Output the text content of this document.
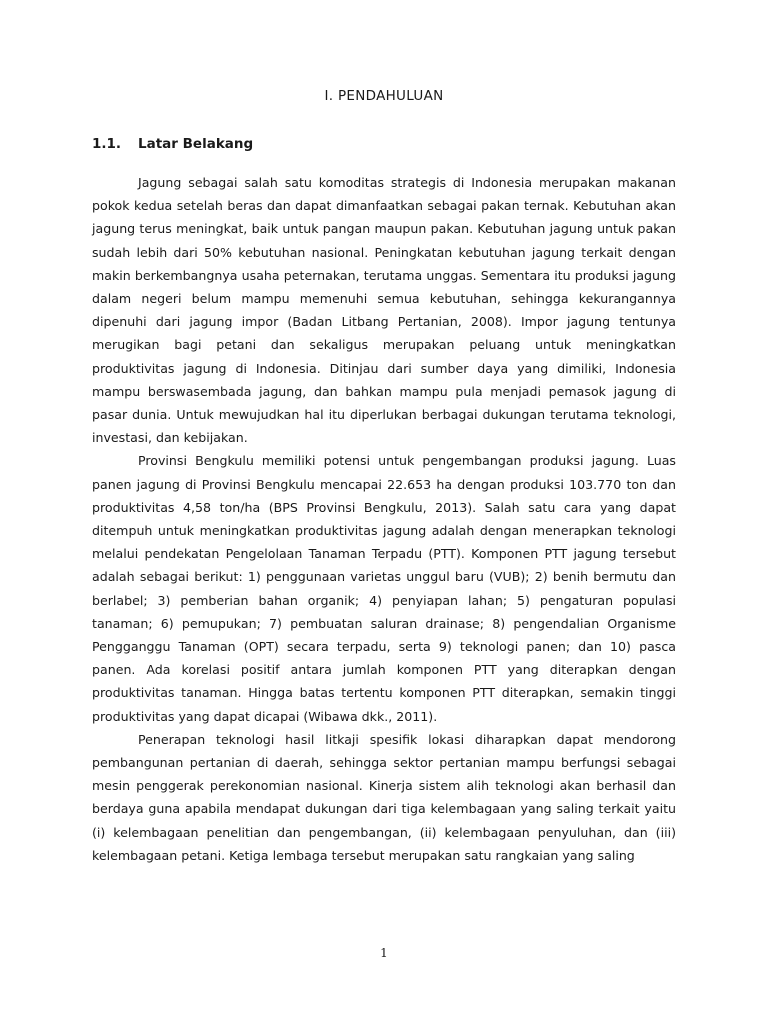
I. PENDAHULUAN
1.1. Latar Belakang

Jagung sebagai salah satu komoditas strategis di Indonesia merupakan makanan pokok kedua setelah beras dan dapat dimanfaatkan sebagai pakan ternak. Kebutuhan akan jagung terus meningkat, baik untuk pangan maupun pakan. Kebutuhan jagung untuk pakan sudah lebih dari 50% kebutuhan nasional. Peningkatan kebutuhan jagung terkait dengan makin berkembangnya usaha peternakan, terutama unggas. Sementara itu produksi jagung dalam negeri belum mampu memenuhi semua kebutuhan, sehingga kekurangannya dipenuhi dari jagung impor (Badan Litbang Pertanian, 2008). Impor jagung tentunya merugikan bagi petani dan sekaligus merupakan peluang untuk meningkatkan produktivitas jagung di Indonesia. Ditinjau dari sumber daya yang dimiliki, Indonesia mampu berswasembada jagung, dan bahkan mampu pula menjadi pemasok jagung di pasar dunia. Untuk mewujudkan hal itu diperlukan berbagai dukungan terutama teknologi, investasi, dan kebijakan.

Provinsi Bengkulu memiliki potensi untuk pengembangan produksi jagung. Luas panen jagung di Provinsi Bengkulu mencapai 22.653 ha dengan produksi 103.770 ton dan produktivitas 4,58 ton/ha (BPS Provinsi Bengkulu, 2013). Salah satu cara yang dapat ditempuh untuk meningkatkan produktivitas jagung adalah dengan menerapkan teknologi melalui pendekatan Pengelolaan Tanaman Terpadu (PTT). Komponen PTT jagung tersebut adalah sebagai berikut: 1) penggunaan varietas unggul baru (VUB); 2) benih bermutu dan berlabel; 3) pemberian bahan organik; 4) penyiapan lahan; 5) pengaturan populasi tanaman; 6) pemupukan; 7) pembuatan saluran drainase; 8) pengendalian Organisme Pengganggu Tanaman (OPT) secara terpadu, serta 9) teknologi panen; dan 10) pasca panen. Ada korelasi positif antara jumlah komponen PTT yang diterapkan dengan produktivitas tanaman. Hingga batas tertentu komponen PTT diterapkan, semakin tinggi produktivitas yang dapat dicapai (Wibawa dkk., 2011).

Penerapan teknologi hasil litkaji spesifik lokasi diharapkan dapat mendorong pembangunan pertanian di daerah, sehingga sektor pertanian mampu berfungsi sebagai mesin penggerak perekonomian nasional. Kinerja sistem alih teknologi akan berhasil dan berdaya guna apabila mendapat dukungan dari tiga kelembagaan yang saling terkait yaitu (i) kelembagaan penelitian dan pengembangan, (ii) kelembagaan penyuluhan, dan (iii) kelembagaan petani. Ketiga lembaga tersebut merupakan satu rangkaian yang saling

1
